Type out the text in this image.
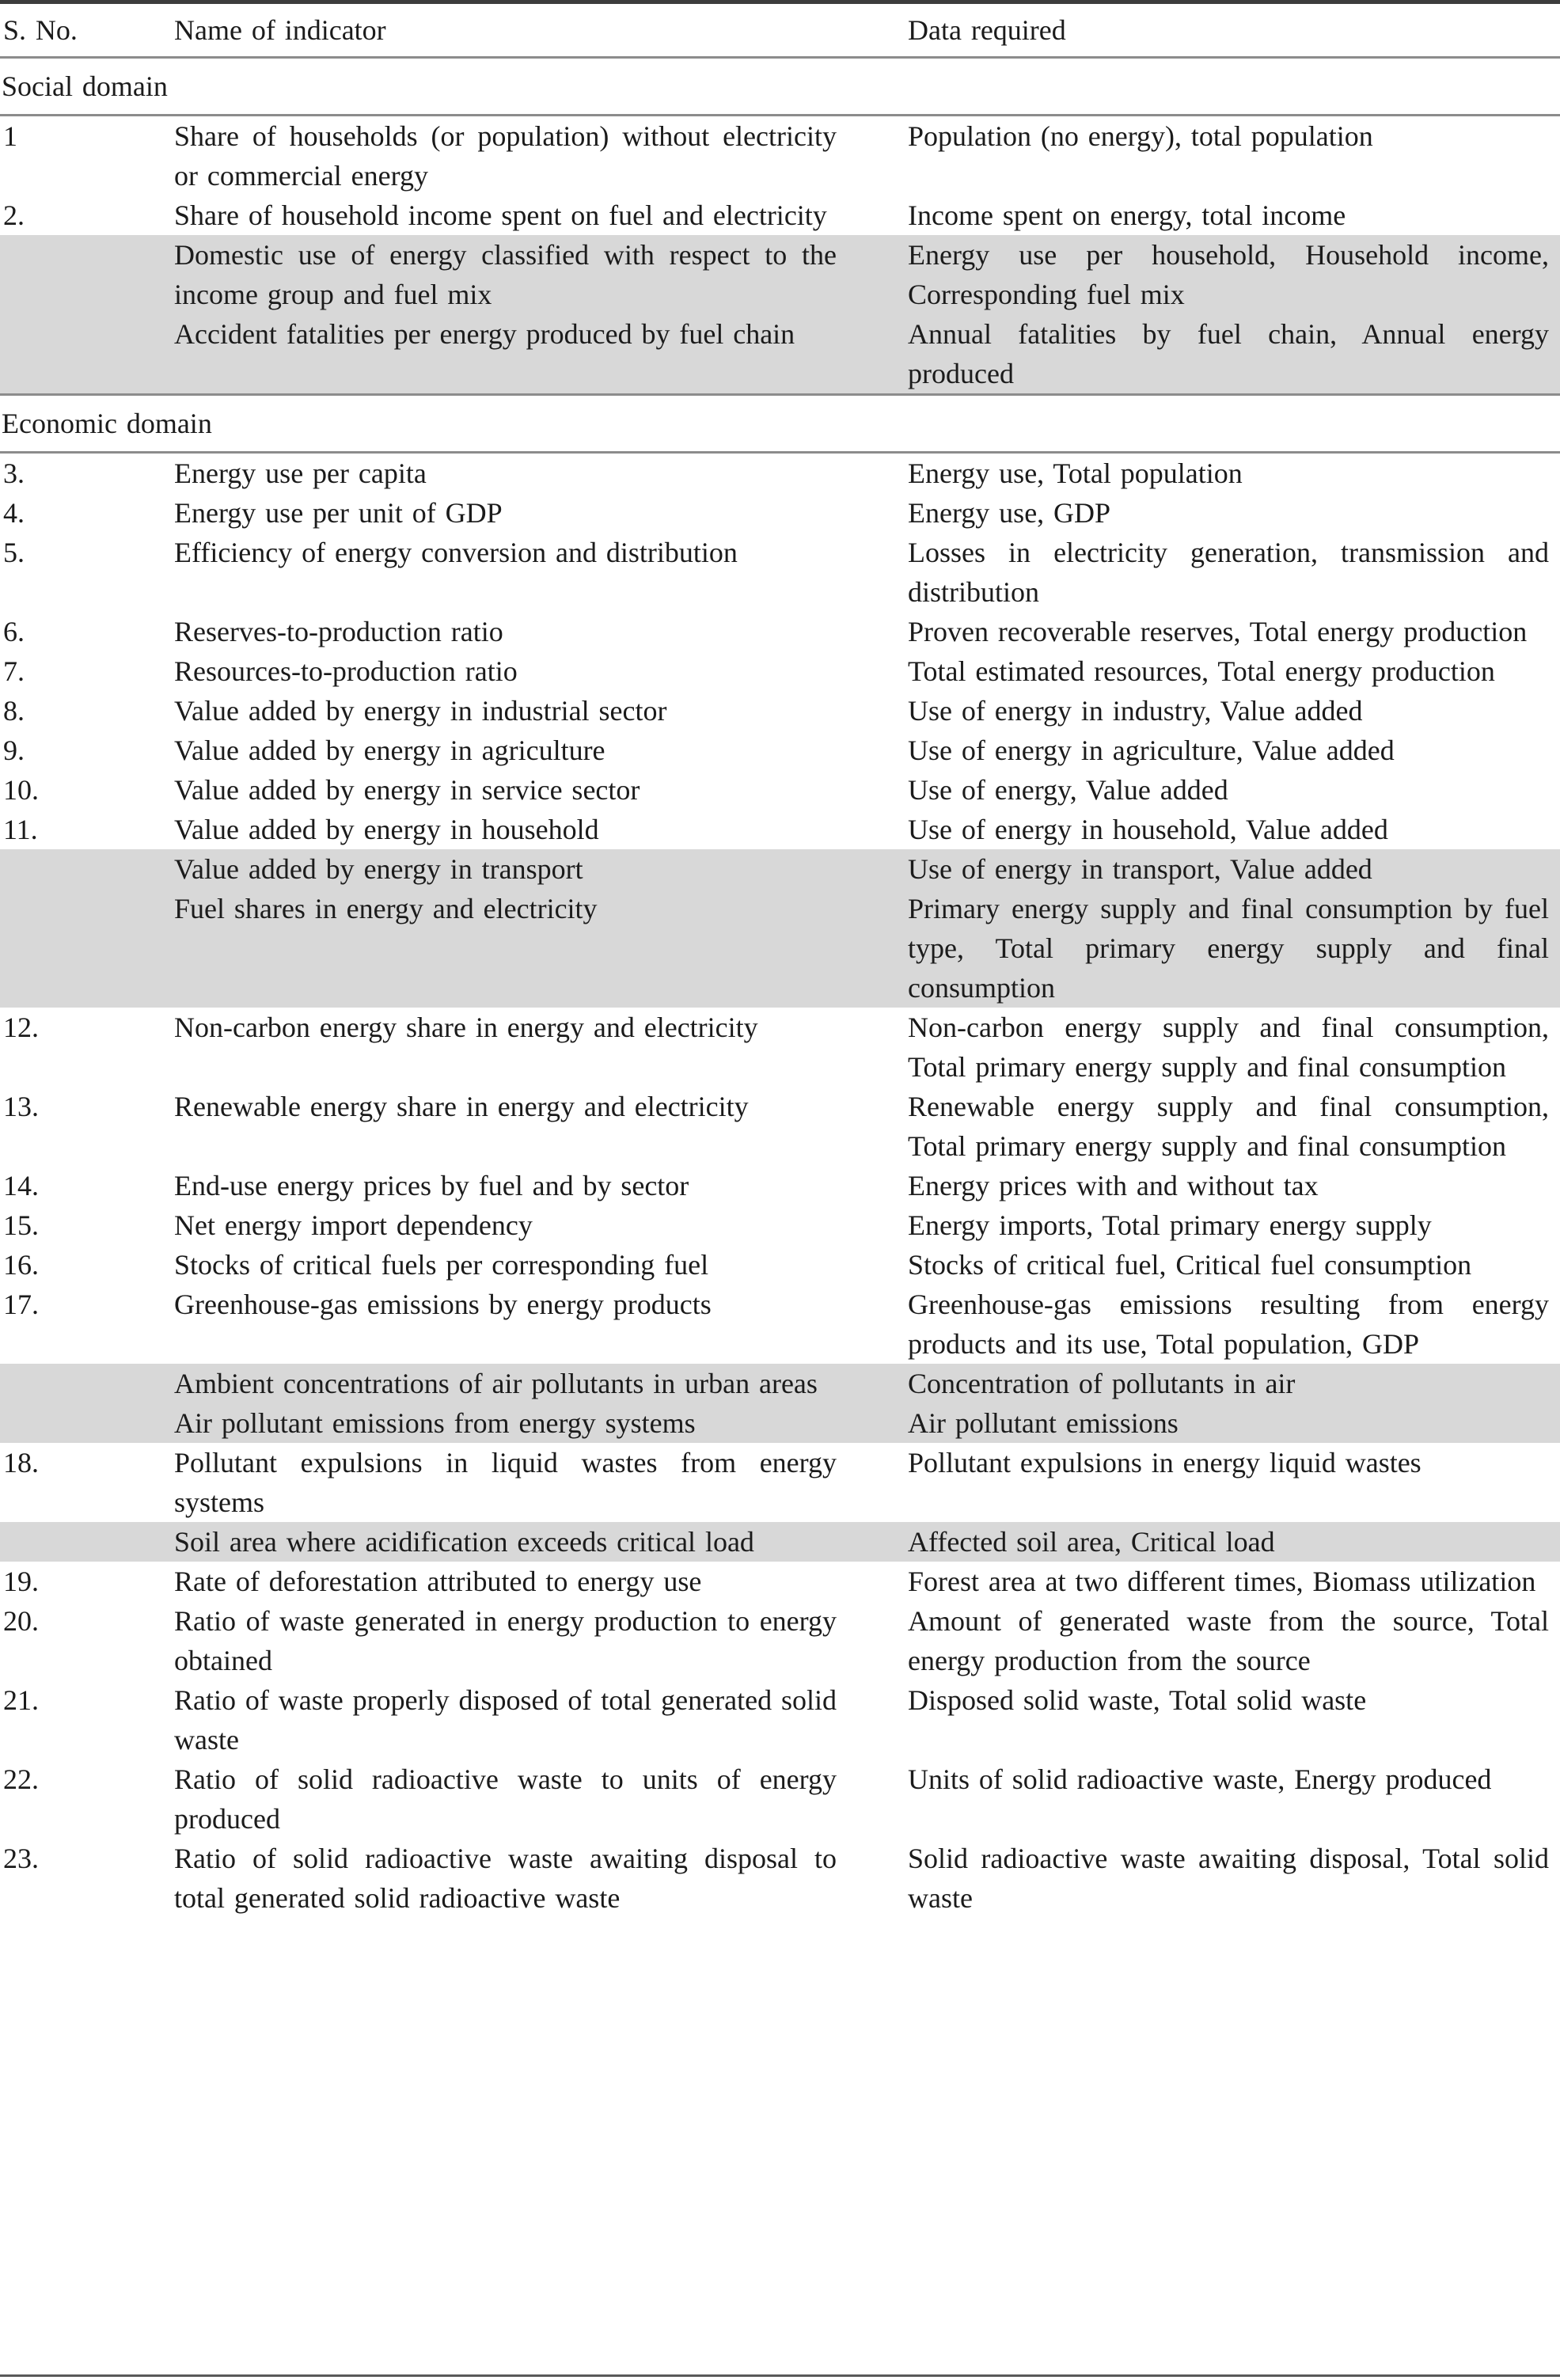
S. No.	Name of indicator	Data required
Social domain		
1	Share of households (or population) without electricity or commercial energy	Population (no energy), total population
2.	Share of household income spent on fuel and electricity	Income spent on energy, total income
	Domestic use of energy classified with respect to the income group and fuel mix	Energy use per household, Household income, Corresponding fuel mix
	Accident fatalities per energy produced by fuel chain	Annual fatalities by fuel chain, Annual energy produced
Economic domain		
3.	Energy use per capita	Energy use, Total population
4.	Energy use per unit of GDP	Energy use, GDP
5.	Efficiency of energy conversion and distribution	Losses in electricity generation, transmission and distribution
6.	Reserves-to-production ratio	Proven recoverable reserves, Total energy production
7.	Resources-to-production ratio	Total estimated resources, Total energy production
8.	Value added by energy in industrial sector	Use of energy in industry, Value added
9.	Value added by energy in agriculture	Use of energy in agriculture, Value added
10.	Value added by energy in service sector	Use of energy, Value added
11.	Value added by energy in household	Use of energy in household, Value added
	Value added by energy in transport	Use of energy in transport, Value added
	Fuel shares in energy and electricity	Primary energy supply and final consumption by fuel type, Total primary energy supply and final consumption
12.	Non-carbon energy share in energy and electricity	Non-carbon energy supply and final consumption, Total primary energy supply and final consumption
13.	Renewable energy share in energy and electricity	Renewable energy supply and final consumption, Total primary energy supply and final consumption
14.	End-use energy prices by fuel and by sector	Energy prices with and without tax
15.	Net energy import dependency	Energy imports, Total primary energy supply
16.	Stocks of critical fuels per corresponding fuel	Stocks of critical fuel, Critical fuel consumption
17.	Greenhouse-gas emissions by energy products	Greenhouse-gas emissions resulting from energy products and its use, Total population, GDP
	Ambient concentrations of air pollutants in urban areas	Concentration of pollutants in air
	Air pollutant emissions from energy systems	Air pollutant emissions
18.	Pollutant expulsions in liquid wastes from energy systems	Pollutant expulsions in energy liquid wastes
	Soil area where acidification exceeds critical load	Affected soil area, Critical load
19.	Rate of deforestation attributed to energy use	Forest area at two different times, Biomass utilization
20.	Ratio of waste generated in energy production to energy obtained	Amount of generated waste from the source, Total energy production from the source
21.	Ratio of waste properly disposed of total generated solid waste	Disposed solid waste, Total solid waste
22.	Ratio of solid radioactive waste to units of energy produced	Units of solid radioactive waste, Energy produced
23.	Ratio of solid radioactive waste awaiting disposal to total generated solid radioactive waste	Solid radioactive waste awaiting disposal, Total solid waste
